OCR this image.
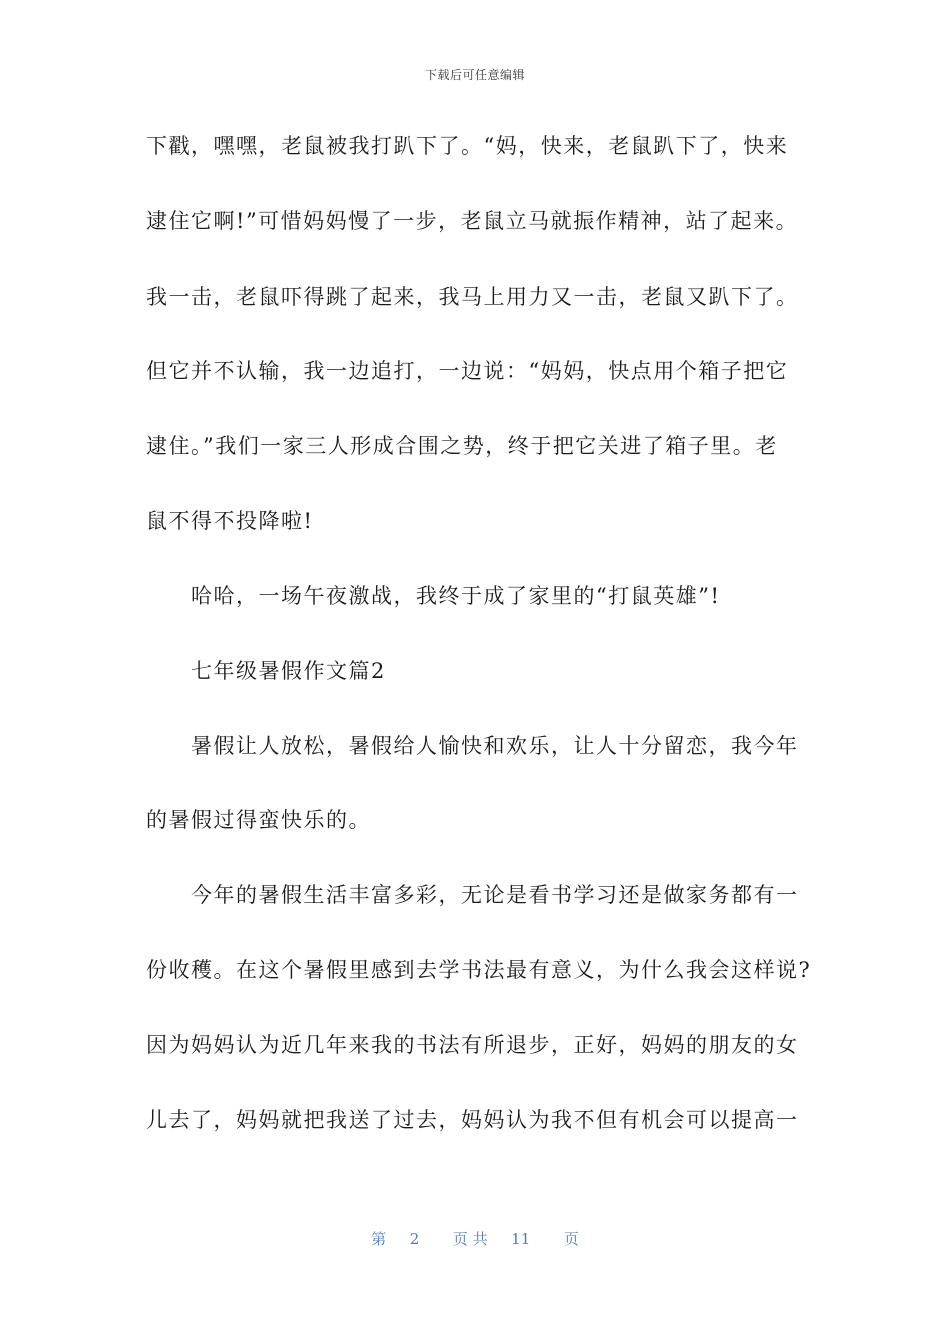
下载后可任意编辑
下戳，嘿嘿，老鼠被我打趴下了。“妈，快来，老鼠趴下了，快来
逮住它啊!”可惜妈妈慢了一步，老鼠立马就振作精神，站了起来。
我一击，老鼠吓得跳了起来，我马上用力又一击，老鼠又趴下了。
但它并不认输，我一边追打，一边说：“妈妈，快点用个箱子把它
逮住。”我们一家三人形成合围之势，终于把它关进了箱子里。老
鼠不得不投降啦!
　　哈哈，一场午夜激战，我终于成了家里的“打鼠英雄”!
　　七年级暑假作文篇2
　　暑假让人放松，暑假给人愉快和欢乐，让人十分留恋，我今年
的暑假过得蛮快乐的。
　　今年的暑假生活丰富多彩，无论是看书学习还是做家务都有一
份收穫。在这个暑假里感到去学书法最有意义，为什么我会这样说?
因为妈妈认为近几年来我的书法有所退步，正好，妈妈的朋友的女
儿去了，妈妈就把我送了过去，妈妈认为我不但有机会可以提高一
第 2 页 共 11 页
